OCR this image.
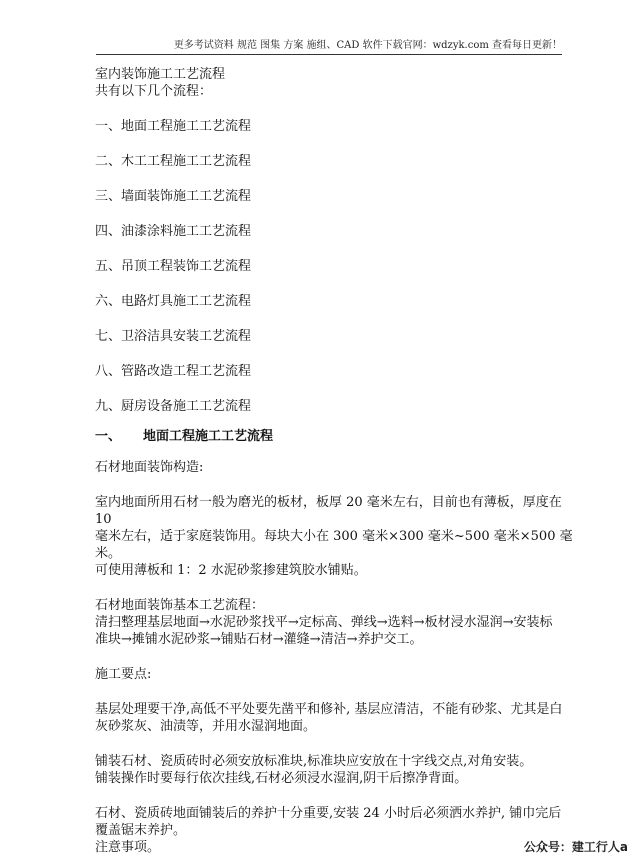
更多考试资料 规范 图集 方案 施组、CAD 软件下载官网：wdzyk.com 查看每日更新！

室内装饰施工工艺流程

共有以下几个流程：

一、地面工程施工工艺流程

二、木工工程施工工艺流程

三、墙面装饰施工工艺流程

四、油漆涂料施工工艺流程

五、吊顶工程装饰工艺流程

六、电路灯具施工工艺流程

七、卫浴洁具安装工艺流程

八、管路改造工程工艺流程

九、厨房设备施工工艺流程

一、	地面工程施工工艺流程

石材地面装饰构造:

室内地面所用石材一般为磨光的板材，板厚 20 毫米左右，目前也有薄板，厚度在 10

毫米左右，适于家庭装饰用。每块大小在 300 毫米×300 毫米~500 毫米×500 毫米。

可使用薄板和 1：2 水泥砂浆掺建筑胶水铺贴。

石材地面装饰基本工艺流程：

清扫整理基层地面→水泥砂浆找平→定标高、弹线→选料→板材浸水湿润→安装标

准块→摊铺水泥砂浆→铺贴石材→灌缝→清洁→养护交工。

施工要点:

基层处理要干净,高低不平处要先凿平和修补, 基层应清洁，不能有砂浆、尤其是白

灰砂浆灰、油渍等，并用水湿润地面。

铺装石材、瓷质砖时必须安放标准块,标准块应安放在十字线交点,对角安装。

铺装操作时要每行依次挂线,石材必须浸水湿润,阴干后擦净背面。

石材、瓷质砖地面铺装后的养护十分重要,安装 24 小时后必须洒水养护, 铺巾完后

覆盖锯末养护。

注意事项。	公众号：建工行人a
